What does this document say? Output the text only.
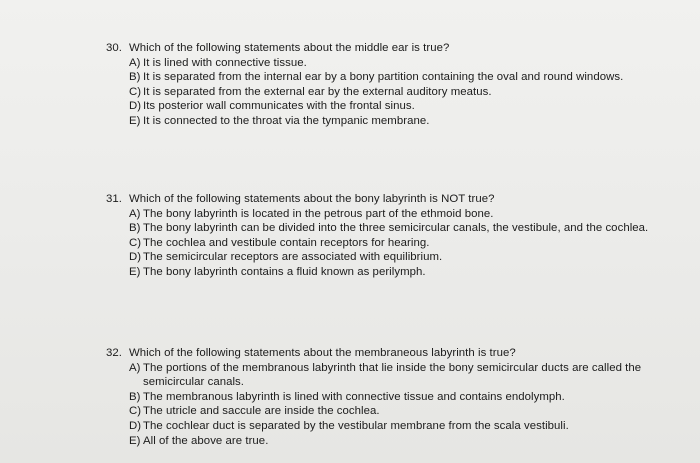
30. Which of the following statements about the middle ear is true?
A) It is lined with connective tissue.
B) It is separated from the internal ear by a bony partition containing the oval and round windows.
C) It is separated from the external ear by the external auditory meatus.
D) Its posterior wall communicates with the frontal sinus.
E) It is connected to the throat via the tympanic membrane.
31. Which of the following statements about the bony labyrinth is NOT true?
A) The bony labyrinth is located in the petrous part of the ethmoid bone.
B) The bony labyrinth can be divided into the three semicircular canals, the vestibule, and the cochlea.
C) The cochlea and vestibule contain receptors for hearing.
D) The semicircular receptors are associated with equilibrium.
E) The bony labyrinth contains a fluid known as perilymph.
32. Which of the following statements about the membraneous labyrinth is true?
A) The portions of the membranous labyrinth that lie inside the bony semicircular ducts are called the semicircular canals.
B) The membranous labyrinth is lined with connective tissue and contains endolymph.
C) The utricle and saccule are inside the cochlea.
D) The cochlear duct is separated by the vestibular membrane from the scala vestibuli.
E) All of the above are true.
